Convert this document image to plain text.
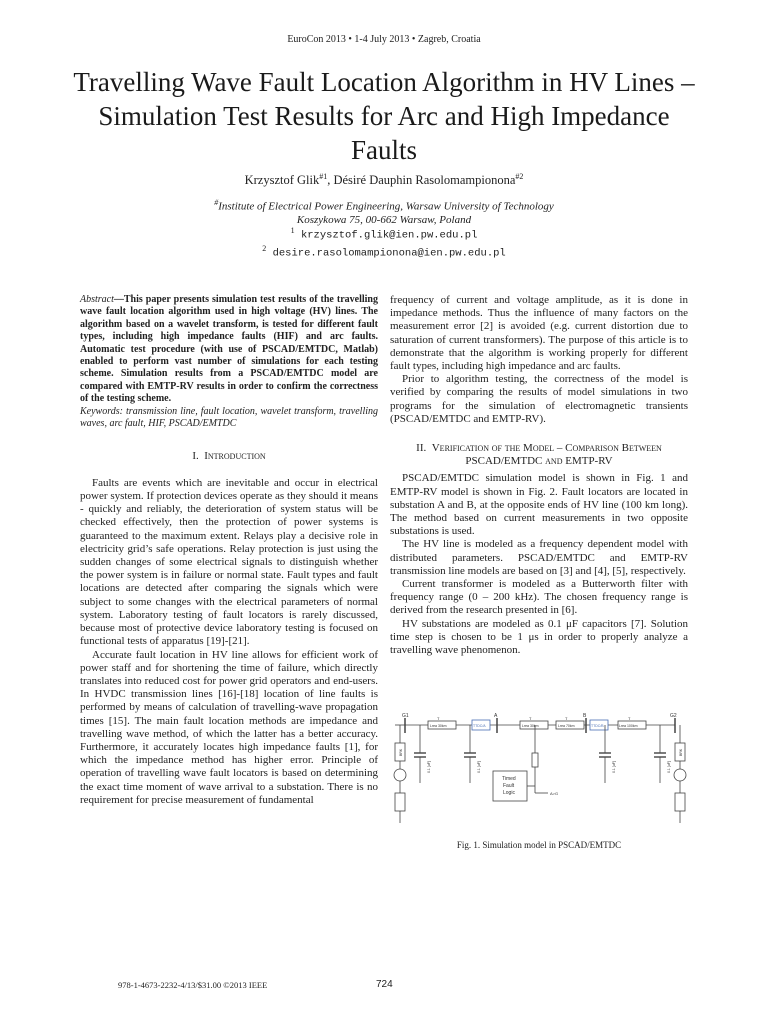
EuroCon 2013 • 1-4 July 2013 • Zagreb, Croatia
Travelling Wave Fault Location Algorithm in HV Lines – Simulation Test Results for Arc and High Impedance Faults
Krzysztof Glik$^{\#1}$, Désiré Dauphin Rasolomampionona$^{\#2}$
#Institute of Electrical Power Engineering, Warsaw University of Technology
Koszykowa 75, 00-662 Warsaw, Poland
$^1$ krzysztof.glik@ien.pw.edu.pl
$^2$ desire.rasolomampionona@ien.pw.edu.pl
Abstract—This paper presents simulation test results of the travelling wave fault location algorithm used in high voltage (HV) lines. The algorithm based on a wavelet transform, is tested for different fault types, including high impedance faults (HIF) and arc faults. Automatic test procedure (with use of PSCAD/EMTDC, Matlab) enabled to perform vast number of simulations for each testing scheme. Simulation results from a PSCAD/EMTDC model are compared with EMTP-RV results in order to confirm the correctness of the testing scheme.
Keywords: transmission line, fault location, wavelet transform, travelling waves, arc fault, HIF, PSCAD/EMTDC

I. Introduction

Faults are events which are inevitable and occur in electrical power system. If protection devices operate as they should it means - quickly and reliably, the deterioration of system status will be checked effectively, then the protection of power systems is guaranteed to the maximum extent. Relays play a decisive role in electricity grid’s safe operations. Relay protection is just using the sudden changes of some electrical signals to distinguish whether the power system is in failure or normal state. Fault types and fault locations are detected after comparing the signals which were subject to some changes with the electrical parameters of normal system. Laboratory testing of fault locators is rarely discussed, because most of protective device laboratory testing is focused on functional tests of apparatus [19]-[21].

Accurate fault location in HV line allows for efficient work of power staff and for shortening the time of failure, which directly translates into reduced cost for power grid operators and end-users. In HVDC transmission lines [16]-[18] location of line faults is performed by means of calculation of travelling-wave propagation times [15]. The main fault location methods are impedance and travelling wave method, of which the latter has a better accuracy. Furthermore, it accurately locates high impedance faults [1], for which the impedance method has higher error. Principle of operation of travelling wave fault locators is based on determining the exact time moment of wave arrival to a substation. There is no requirement for precise measurement of fundamental

frequency of current and voltage amplitude, as it is done in impedance methods. Thus the influence of many factors on the measurement error [2] is avoided (e.g. current distortion due to saturation of current transformers). The purpose of this article is to demonstrate that the algorithm is working properly for different fault types, including high impedance and arc faults.

Prior to algorithm testing, the correctness of the model is verified by comparing the results of model simulations in two programs for the simulation of electromagnetic transients (PSCAD/EMTDC and EMTP-RV).

II. Verification of the Model – Comparison Between

PSCAD/EMTDC and EMTP-RV

PSCAD/EMTDC simulation model is shown in Fig. 1 and EMTP-RV model is shown in Fig. 2. Fault locators are located in substation A and B, at the opposite ends of HV line (100 km long). The method based on current measurements in two opposite substations is used.

The HV line is modeled as a frequency dependent model with distributed parameters. PSCAD/EMTDC and EMTP-RV transmission line models are based on [3] and [4], [5], respectively.

Current transformer is modeled as a Butterworth filter with frequency range (0 – 200 kHz). The chosen frequency range is derived from the research presented in [6].

HV substations are modeled as 0.1 μF capacitors [7]. Solution time step is chosen to be 1 μs in order to properly analyze a travelling wave phenomenon.

G1	A	B	G2
Lrea 30km	Lrea 30km	Lrea 70km	Lrea 100km
TTDC/A	TTDC/B
T	T	T	T
Timed
Fault
Logic	A>G
BRK	BRK
0.1 [uF]	0.1 [uF]	0.1 [uF]	0.1 [uF]
Fig. 1. Simulation model in PSCAD/EMTDC
978-1-4673-2232-4/13/$31.00 ©2013 IEEE	724
